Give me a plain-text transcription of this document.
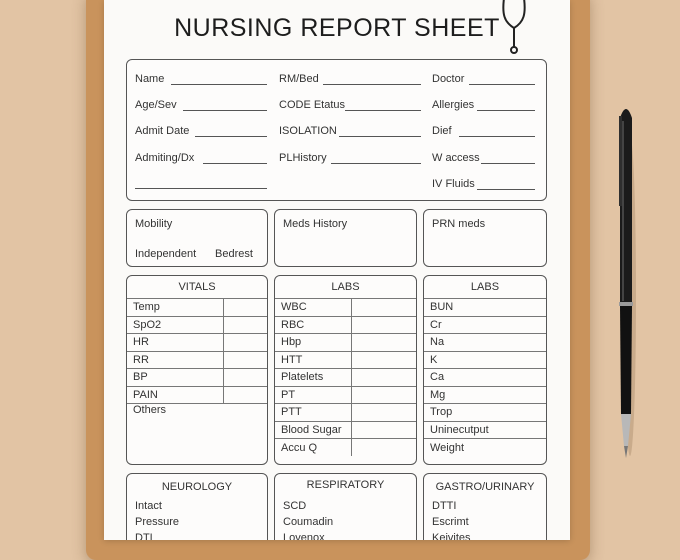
NURSING REPORT SHEET
Name
Age/Sev
Admit Date
Admiting/Dx
RM/Bed
CODE Etatus
ISOLATION
PLHistory
Doctor
Allergies
Dief
W access
IV Fluids
Mobility
Independent Bedrest
Meds History	PRN meds
VITALS
Temp	
SpO2	
HR	
RR	
BP	
PAIN	
Others	
LABS
WBC	
RBC	
Hbp	
HTT	
Platelets	
PT	
PTT	
Blood Sugar	
Accu Q	
LABS
BUN
Cr
Na
K
Ca
Mg
Trop
Uninecutput
Weight
NEUROLOGY
Intact
Pressure
DTI
RESPIRATORY
SCD
Coumadin
Lovenox
GASTRO/URINARY
DTTI
Escrimt
Keivites
